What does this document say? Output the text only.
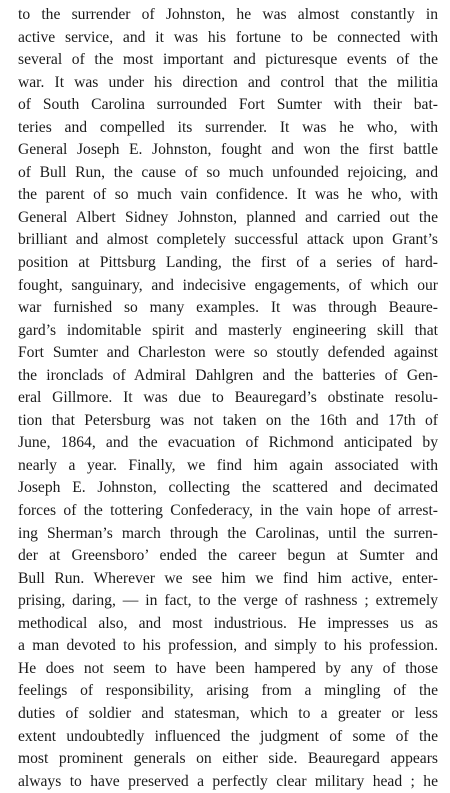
to the surrender of Johnston, he was almost constantly in
active service, and it was his fortune to be connected with
several of the most important and picturesque events of the
war. It was under his direction and control that the militia
of South Carolina surrounded Fort Sumter with their bat-
teries and compelled its surrender. It was he who, with
General Joseph E. Johnston, fought and won the first battle
of Bull Run, the cause of so much unfounded rejoicing, and
the parent of so much vain confidence. It was he who, with
General Albert Sidney Johnston, planned and carried out the
brilliant and almost completely successful attack upon Grant’s
position at Pittsburg Landing, the first of a series of hard-
fought, sanguinary, and indecisive engagements, of which our
war furnished so many examples. It was through Beaure-
gard’s indomitable spirit and masterly engineering skill that
Fort Sumter and Charleston were so stoutly defended against
the ironclads of Admiral Dahlgren and the batteries of Gen-
eral Gillmore. It was due to Beauregard’s obstinate resolu-
tion that Petersburg was not taken on the 16th and 17th of
June, 1864, and the evacuation of Richmond anticipated by
nearly a year. Finally, we find him again associated with
Joseph E. Johnston, collecting the scattered and decimated
forces of the tottering Confederacy, in the vain hope of arrest-
ing Sherman’s march through the Carolinas, until the surren-
der at Greensboro’ ended the career begun at Sumter and
Bull Run. Wherever we see him we find him active, enter-
prising, daring, — in fact, to the verge of rashness ; extremely
methodical also, and most industrious. He impresses us as
a man devoted to his profession, and simply to his profession.
He does not seem to have been hampered by any of those
feelings of responsibility, arising from a mingling of the
duties of soldier and statesman, which to a greater or less
extent undoubtedly influenced the judgment of some of the
most prominent generals on either side. Beauregard appears
always to have preserved a perfectly clear military head ; he
